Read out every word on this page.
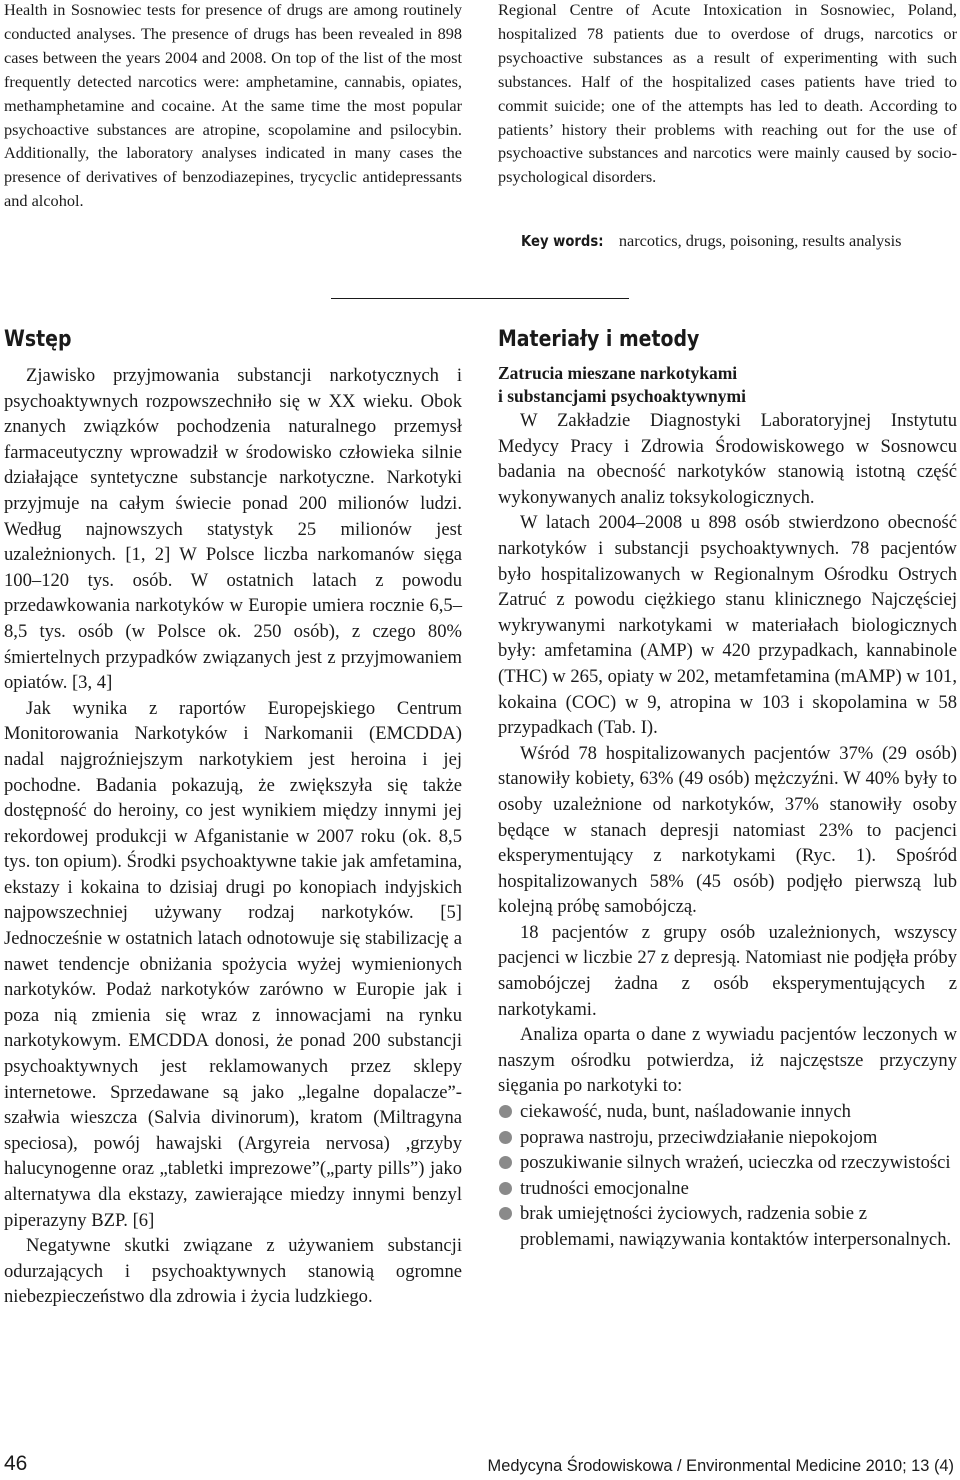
Health in Sosnowiec tests for presence of drugs are among routinely conducted analyses. The presence of drugs has been revealed in 898 cases between the years 2004 and 2008. On top of the list of the most frequently detected narcotics were: amphetamine, cannabis, opiates, methamphetamine and cocaine. At the same time the most popular psychoactive substances are atropine, scopolamine and psilocybin. Additionally, the laboratory analyses indicated in many cases the presence of derivatives of benzodiazepines, trycyclic antidepressants and alcohol.

Regional Centre of Acute Intoxication in Sosnowiec, Poland, hospitalized 78 patients due to overdose of drugs, narcotics or psychoactive substances as a result of experimenting with such substances. Half of the hospitalized cases patients have tried to commit suicide; one of the attempts has led to death. According to patients’ history their problems with reaching out for the use of psychoactive substances and narcotics were mainly caused by socio-psychological disorders.

Key words: narcotics, drugs, poisoning, results analysis

Wstęp

Zjawisko przyjmowania substancji narkotycznych i psychoaktywnych rozpowszechniło się w XX wieku. Obok znanych związków pochodzenia naturalnego przemysł farmaceutyczny wprowadził w środowisko człowieka silnie działające syntetyczne substancje narkotyczne. Narkotyki przyjmuje na całym świecie ponad 200 milionów ludzi. Według najnowszych statystyk 25 milionów jest uzależnionych. [1, 2] W Polsce liczba narkomanów sięga 100–120 tys. osób. W ostatnich latach z powodu przedawkowania narkotyków w Europie umiera rocznie 6,5–8,5 tys. osób (w Polsce ok. 250 osób), z czego 80% śmiertelnych przypadków związanych jest z przyjmowaniem opiatów. [3, 4]

Jak wynika z raportów Europejskiego Centrum Monitorowania Narkotyków i Narkomanii (EMCDDA) nadal najgroźniejszym narkotykiem jest heroina i jej pochodne. Badania pokazują, że zwiększyła się także dostępność do heroiny, co jest wynikiem między innymi jej rekordowej produkcji w Afganistanie w 2007 roku (ok. 8,5 tys. ton opium). Środki psychoaktywne takie jak amfetamina, ekstazy i kokaina to dzisiaj drugi po konopiach indyjskich najpowszechniej używany rodzaj narkotyków. [5] Jednocześnie w ostatnich latach odnotowuje się stabilizację a nawet tendencje obniżania spożycia wyżej wymienionych narkotyków. Podaż narkotyków zarówno w Europie jak i poza nią zmienia się wraz z innowacjami na rynku narkotykowym. EMCDDA donosi, że ponad 200 substancji psychoaktywnych jest reklamowanych przez sklepy internetowe. Sprzedawane są jako „legalne dopalacze”- szałwia wieszcza (Salvia divinorum), kratom (Miltragyna speciosa), powój hawajski (Argyreia nervosa) ,grzyby halucynogenne oraz „tabletki imprezowe”(„party pills”) jako alternatywa dla ekstazy, zawierające miedzy innymi benzyl piperazyny BZP. [6]

Negatywne skutki związane z używaniem substancji odurzających i psychoaktywnych stanowią ogromne niebezpieczeństwo dla zdrowia i życia ludzkiego.

Materiały i metody

Zatrucia mieszane narkotykami

i substancjami psychoaktywnymi

W Zakładzie Diagnostyki Laboratoryjnej Instytutu Medycy Pracy i Zdrowia Środowiskowego w Sosnowcu badania na obecność narkotyków stanowią istotną część wykonywanych analiz toksykologicznych.

W latach 2004–2008 u 898 osób stwierdzono obecność narkotyków i substancji psychoaktywnych. 78 pacjentów było hospitalizowanych w Regionalnym Ośrodku Ostrych Zatruć z powodu ciężkiego stanu klinicznego Najczęściej wykrywanymi narkotykami w materiałach biologicznych były: amfetamina (AMP) w 420 przypadkach, kannabinole (THC) w 265, opiaty w 202, metamfetamina (mAMP) w 101, kokaina (COC) w 9, atropina w 103 i skopolamina w 58 przypadkach (Tab. I).

Wśród 78 hospitalizowanych pacjentów 37% (29 osób) stanowiły kobiety, 63% (49 osób) mężczyźni. W 40% były to osoby uzależnione od narkotyków, 37% stanowiły osoby będące w stanach depresji natomiast 23% to pacjenci eksperymentujący z narkotykami (Ryc. 1). Spośród hospitalizowanych 58% (45 osób) podjęło pierwszą lub kolejną próbę samobójczą.

18 pacjentów z grupy osób uzależnionych, wszyscy pacjenci w liczbie 27 z depresją. Natomiast nie podjęła próby samobójczej żadna z osób eksperymentujących z narkotykami.

Analiza oparta o dane z wywiadu pacjentów leczonych w naszym ośrodku potwierdza, iż najczęstsze przyczyny sięgania po narkotyki to:

ciekawość, nuda, bunt, naśladowanie innych
poprawa nastroju, przeciwdziałanie niepokojom
poszukiwanie silnych wrażeń, ucieczka od rzeczywistości
trudności emocjonalne
brak umiejętności życiowych, radzenia sobie z problemami, nawiązywania kontaktów interpersonalnych.
46	Medycyna Środowiskowa / Environmental Medicine 2010; 13 (4)
